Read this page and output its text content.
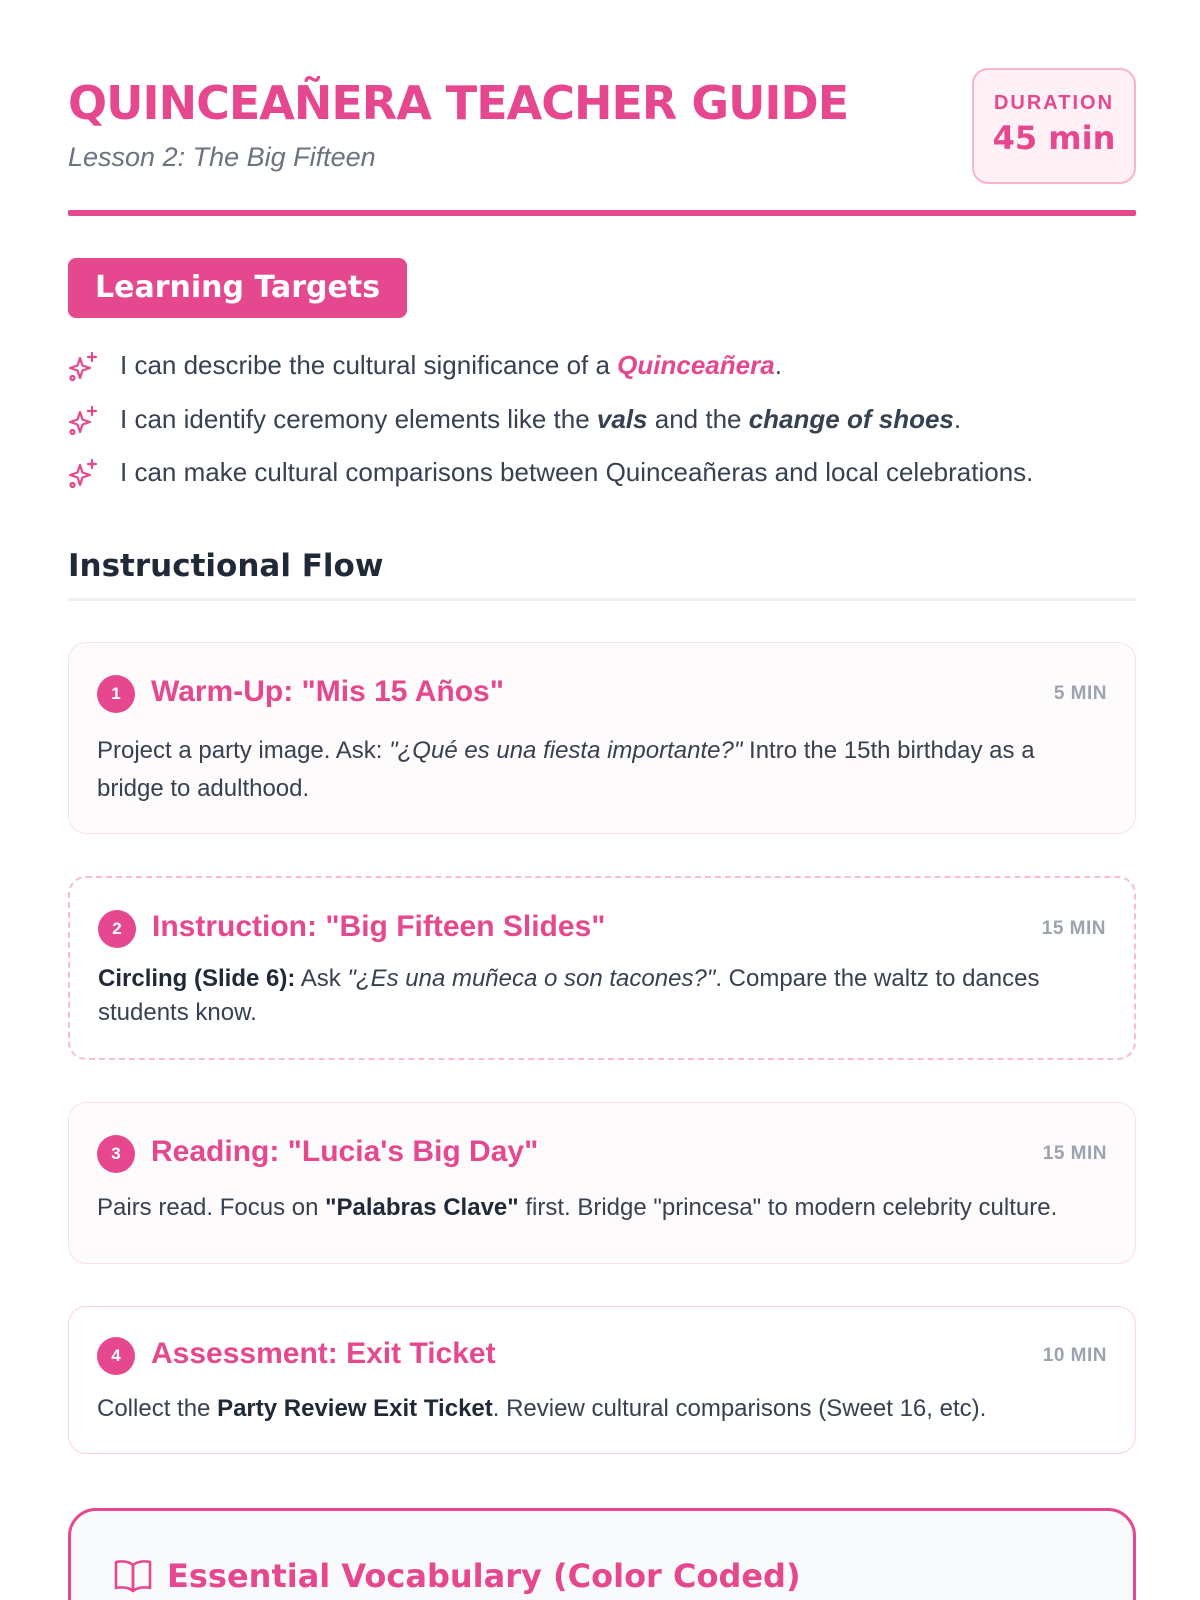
QUINCEAÑERA TEACHER GUIDE
Lesson 2: The Big Fifteen
DURATION
45 min
Learning Targets
I can describe the cultural significance of a Quinceañera.
I can identify ceremony elements like the vals and the change of shoes.
I can make cultural comparisons between Quinceañeras and local celebrations.
Instructional Flow
1	Warm-Up: "Mis 15 Años"	5 MIN
Project a party image. Ask: "¿Qué es una fiesta importante?" Intro the 15th birthday as a bridge to adulthood.
2	Instruction: "Big Fifteen Slides"	15 MIN
Circling (Slide 6): Ask "¿Es una muñeca o son tacones?". Compare the waltz to dances students know.
3	Reading: "Lucia's Big Day"	15 MIN
Pairs read. Focus on "Palabras Clave" first. Bridge "princesa" to modern celebrity culture.
4	Assessment: Exit Ticket	10 MIN
Collect the Party Review Exit Ticket. Review cultural comparisons (Sweet 16, etc).
Essential Vocabulary (Color Coded)
